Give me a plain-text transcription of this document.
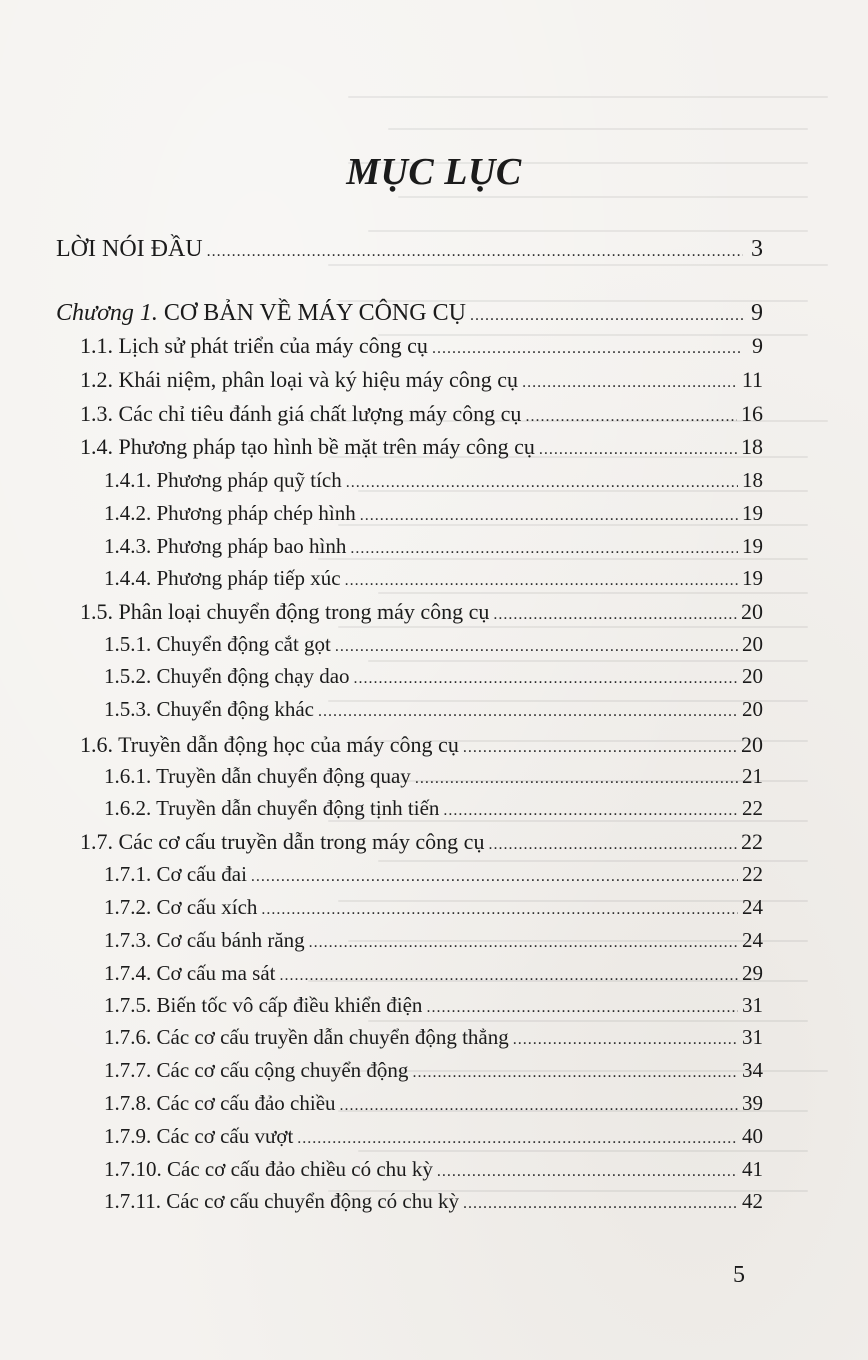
MỤC LỤC
LỜI NÓI ĐẦU .....	3
Chương 1. CƠ BẢN VỀ MÁY CÔNG CỤ .....	9
1.1. Lịch sử phát triển của máy công cụ .....	9
1.2. Khái niệm, phân loại và ký hiệu máy công cụ .....	11
1.3. Các chỉ tiêu đánh giá chất lượng máy công cụ .....	16
1.4. Phương pháp tạo hình bề mặt trên máy công cụ .....	18
1.4.1. Phương pháp quỹ tích .....	18
1.4.2. Phương pháp chép hình .....	19
1.4.3. Phương pháp bao hình .....	19
1.4.4. Phương pháp tiếp xúc .....	19
1.5. Phân loại chuyển động trong máy công cụ .....	20
1.5.1. Chuyển động cắt gọt .....	20
1.5.2. Chuyển động chạy dao .....	20
1.5.3. Chuyển động khác .....	20
1.6. Truyền dẫn động học của máy công cụ .....	20
1.6.1. Truyền dẫn chuyển động quay .....	21
1.6.2. Truyền dẫn chuyển động tịnh tiến .....	22
1.7. Các cơ cấu truyền dẫn trong máy công cụ .....	22
1.7.1. Cơ cấu đai .....	22
1.7.2. Cơ cấu xích .....	24
1.7.3. Cơ cấu bánh răng .....	24
1.7.4. Cơ cấu ma sát .....	29
1.7.5. Biến tốc vô cấp điều khiển điện .....	31
1.7.6. Các cơ cấu truyền dẫn chuyển động thẳng .....	31
1.7.7. Các cơ cấu cộng chuyển động .....	34
1.7.8. Các cơ cấu đảo chiều .....	39
1.7.9. Các cơ cấu vượt .....	40
1.7.10. Các cơ cấu đảo chiều có chu kỳ .....	41
1.7.11. Các cơ cấu chuyển động có chu kỳ .....	42
5
